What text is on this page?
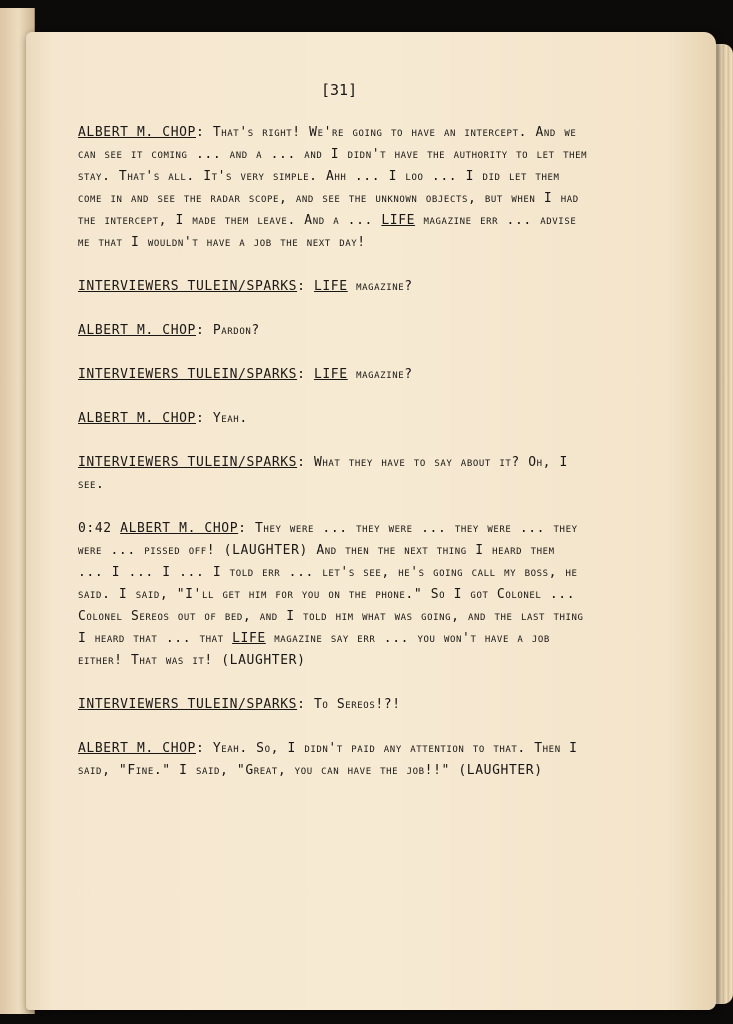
[31]

ALBERT M. CHOP: That's right! We're going to have an intercept. And we can see it coming ... and a ... and I didn't have the authority to let them stay. That's all. It's very simple. Ahh ... I loo ... I did let them come in and see the radar scope, and see the unknown objects, but when I had the intercept, I made them leave. And a ... LIFE magazine err ... advise me that I wouldn't have a job the next day!

INTERVIEWERS TULEIN/SPARKS: LIFE magazine?

ALBERT M. CHOP: Pardon?

INTERVIEWERS TULEIN/SPARKS: LIFE magazine?

ALBERT M. CHOP: Yeah.

INTERVIEWERS TULEIN/SPARKS: What they have to say about it? Oh, I see.

0:42 ALBERT M. CHOP: They were ... they were ... they were ... they were ... pissed off! (LAUGHTER) And then the next thing I heard them ... I ... I ... I told err ... let's see, he's going call my boss, he said. I said, "I'll get him for you on the phone." So I got Colonel ... Colonel Sereos out of bed, and I told him what was going, and the last thing I heard that ... that LIFE magazine say err ... you won't have a job either! That was it! (LAUGHTER)

INTERVIEWERS TULEIN/SPARKS: To Sereos!?!

ALBERT M. CHOP: Yeah. So, I didn't paid any attention to that. Then I said, "Fine." I said, "Great, you can have the job!!" (LAUGHTER)
